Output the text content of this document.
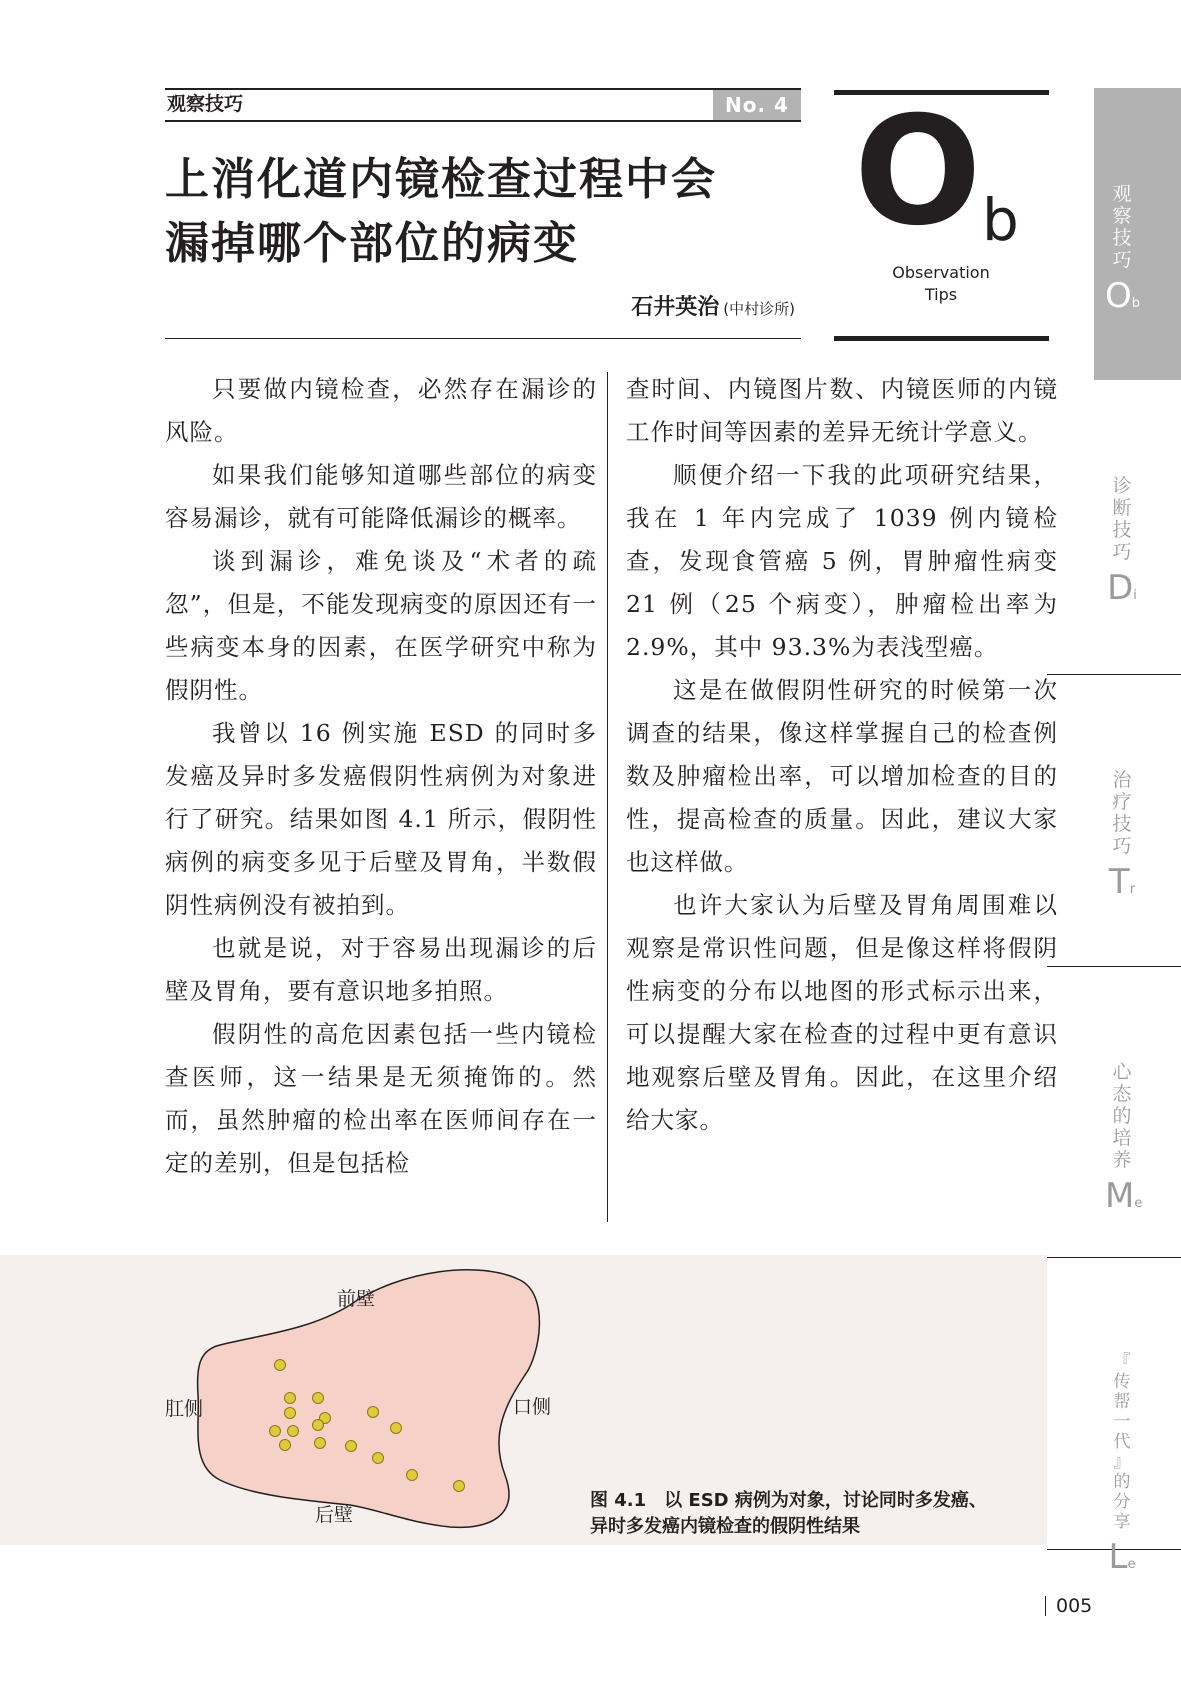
观察技巧	No. 4
上消化道内镜检查过程中会
漏掉哪个部位的病变
石井英治 (中村诊所)
O b
Observation
Tips

只要做内镜检查，必然存在漏诊的风险。

如果我们能够知道哪些部位的病变容易漏诊，就有可能降低漏诊的概率。

谈到漏诊，难免谈及“术者的疏忽”，但是，不能发现病变的原因还有一些病变本身的因素，在医学研究中称为假阴性。

我曾以 16 例实施 ESD 的同时多发癌及异时多发癌假阴性病例为对象进行了研究。结果如图 4.1 所示，假阴性病例的病变多见于后壁及胃角，半数假阴性病例没有被拍到。

也就是说，对于容易出现漏诊的后壁及胃角，要有意识地多拍照。

假阴性的高危因素包括一些内镜检查医师，这一结果是无须掩饰的。然而，虽然肿瘤的检出率在医师间存在一定的差别，但是包括检

查时间、内镜图片数、内镜医师的内镜工作时间等因素的差异无统计学意义。

顺便介绍一下我的此项研究结果，我在 1 年内完成了 1039 例内镜检查，发现食管癌 5 例，胃肿瘤性病变 21 例（25 个病变），肿瘤检出率为 2.9%，其中 93.3%为表浅型癌。

这是在做假阴性研究的时候第一次调查的结果，像这样掌握自己的检查例数及肿瘤检出率，可以增加检查的目的性，提高检查的质量。因此，建议大家也这样做。

也许大家认为后壁及胃角周围难以观察是常识性问题，但是像这样将假阴性病变的分布以地图的形式标示出来，可以提醒大家在检查的过程中更有意识地观察后壁及胃角。因此，在这里介绍给大家。

前壁
肛侧	口侧
后壁
图 4.1　以 ESD 病例为对象，讨论同时多发癌、
异时多发癌内镜检查的假阴性结果
观
察
技
巧
Ob
诊
断
技
巧
Di
治
疗
技
巧
Tr
心
态
的
培
养
Me
『
传
帮
一
代
』
的
分
享
Le
005
